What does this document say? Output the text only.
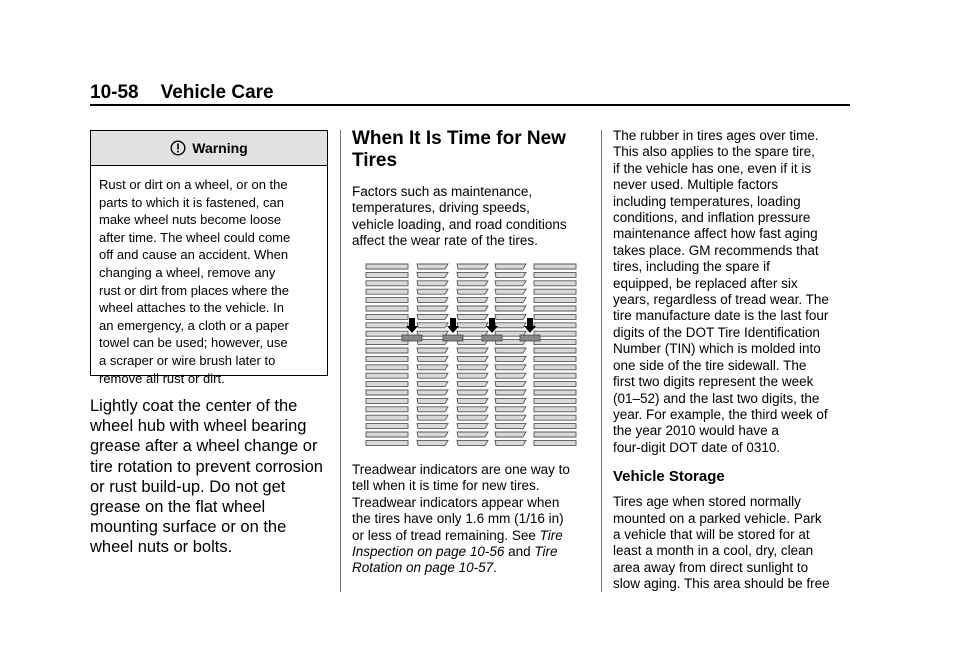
10-58 Vehicle Care
Warning
Rust or dirt on a wheel, or on the
parts to which it is fastened, can
make wheel nuts become loose
after time. The wheel could come
off and cause an accident. When
changing a wheel, remove any
rust or dirt from places where the
wheel attaches to the vehicle. In
an emergency, a cloth or a paper
towel can be used; however, use
a scraper or wire brush later to
remove all rust or dirt.
Lightly coat the center of the
wheel hub with wheel bearing
grease after a wheel change or
tire rotation to prevent corrosion
or rust build-up. Do not get
grease on the flat wheel
mounting surface or on the
wheel nuts or bolts.
When It Is Time for New
Tires
Factors such as maintenance,
temperatures, driving speeds,
vehicle loading, and road conditions
affect the wear rate of the tires.
Treadwear indicators are one way to
tell when it is time for new tires.
Treadwear indicators appear when
the tires have only 1.6 mm (1/16 in)
or less of tread remaining. See Tire
Inspection on page 10-56 and Tire
Rotation on page 10-57.
The rubber in tires ages over time.
This also applies to the spare tire,
if the vehicle has one, even if it is
never used. Multiple factors
including temperatures, loading
conditions, and inflation pressure
maintenance affect how fast aging
takes place. GM recommends that
tires, including the spare if
equipped, be replaced after six
years, regardless of tread wear. The
tire manufacture date is the last four
digits of the DOT Tire Identification
Number (TIN) which is molded into
one side of the tire sidewall. The
first two digits represent the week
(01–52) and the last two digits, the
year. For example, the third week of
the year 2010 would have a
four-digit DOT date of 0310.
Vehicle Storage
Tires age when stored normally
mounted on a parked vehicle. Park
a vehicle that will be stored for at
least a month in a cool, dry, clean
area away from direct sunlight to
slow aging. This area should be free
